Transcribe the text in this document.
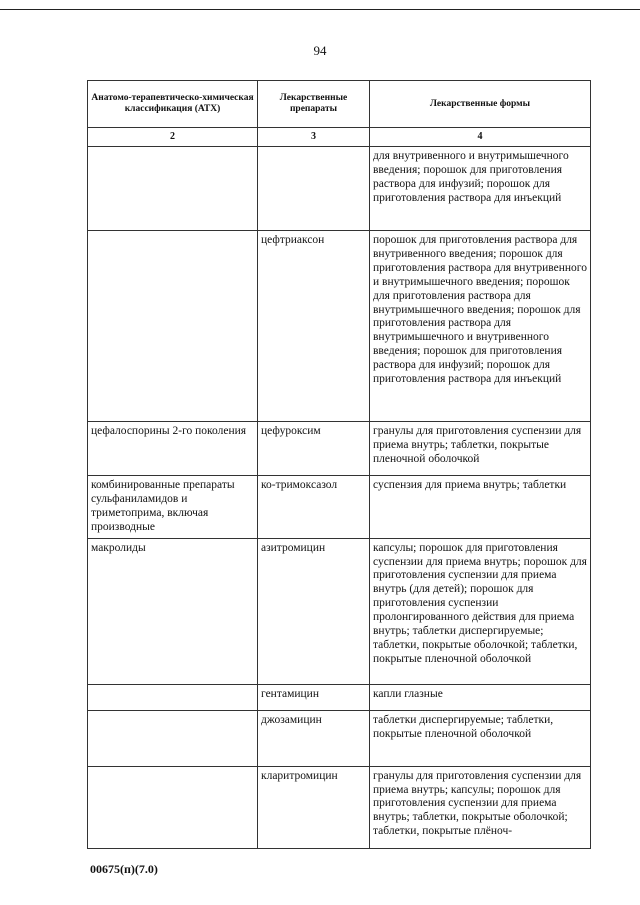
94
Анатомо-терапевтическо-химическая классификация (АТХ)	Лекарственные препараты	Лекарственные формы
2	3	4
		для внутривенного и внутримышечного введения; порошок для приготовления раствора для инфузий; порошок для приготовления раствора для инъекций
	цефтриаксон	порошок для приготовления раствора для внутривенного введения; порошок для приготовления раствора для внутривенного и внутримышечного введения; порошок для приготовления раствора для внутримышечного введения; порошок для приготовления раствора для внутримышечного и внутривенного введения; порошок для приготовления раствора для инфузий; порошок для приготовления раствора для инъекций
цефалоспорины 2-го поколения	цефуроксим	гранулы для приготовления суспензии для приема внутрь; таблетки, покрытые пленочной оболочкой
комбинированные препараты сульфаниламидов и триметоприма, включая производные	ко-тримоксазол	суспензия для приема внутрь; таблетки
макролиды	азитромицин	капсулы; порошок для приготовления суспензии для приема внутрь; порошок для приготовления суспензии для приема внутрь (для детей); порошок для приготовления суспензии пролонгированного действия для приема внутрь; таблетки диспергируемые; таблетки, покрытые оболочкой; таблетки, покрытые пленочной оболочкой
	гентамицин	капли глазные
	джозамицин	таблетки диспергируемые; таблетки, покрытые пленочной оболочкой
	кларитромицин	гранулы для приготовления суспензии для приема внутрь; капсулы; порошок для приготовления суспензии для приема внутрь; таблетки, покрытые оболочкой; таблетки, покрытые плёноч-
00675(п)(7.0)
